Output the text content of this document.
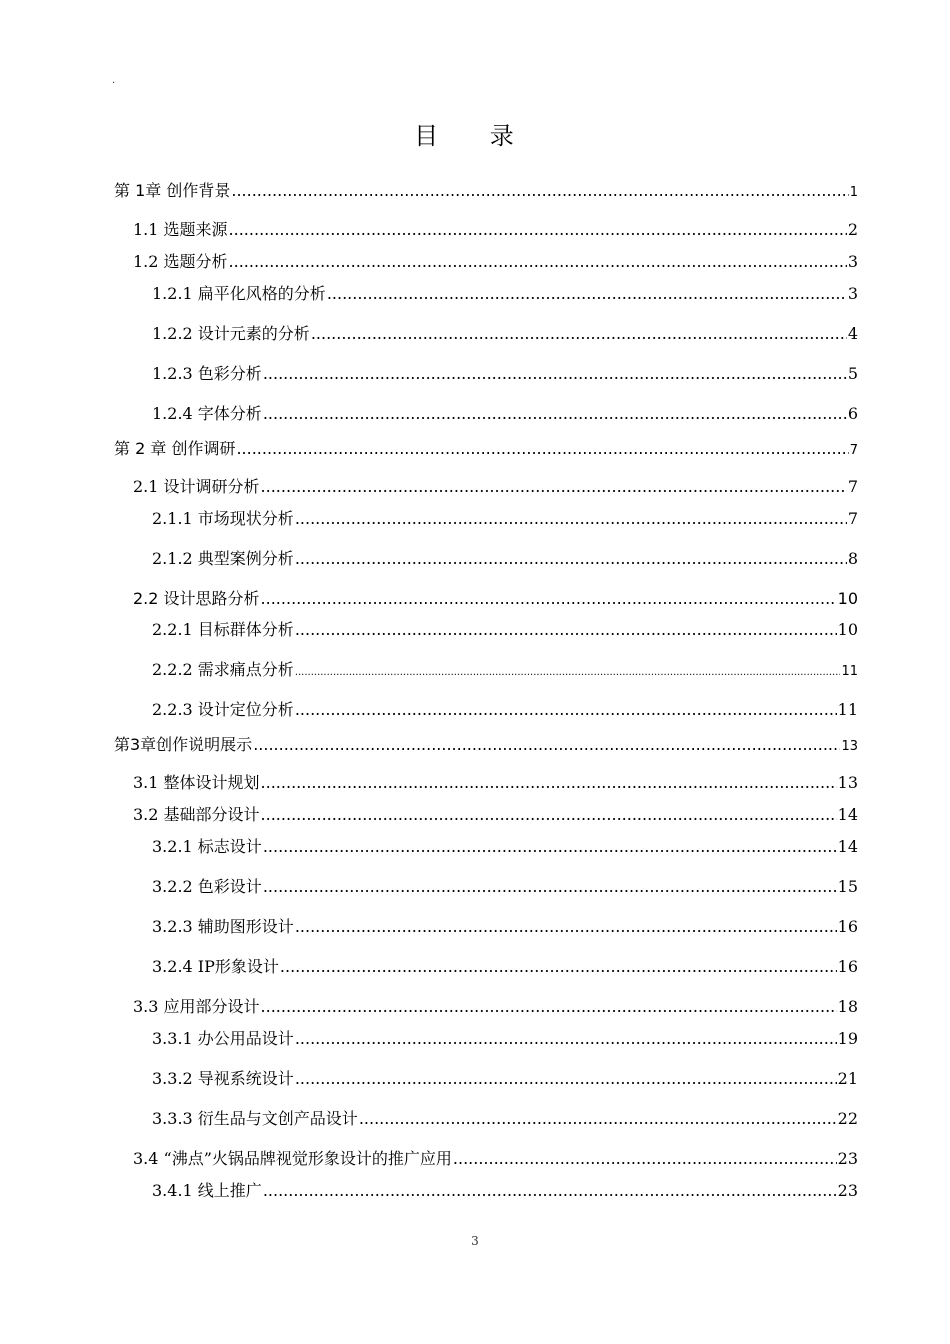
·
目 录
第 1章 创作背景 .....	1
1.1 选题来源 .....	2
1.2 选题分析 .....	3
1.2.1 扁平化风格的分析 .....	3
1.2.2 设计元素的分析 .....	4
1.2.3 色彩分析 .....	5
1.2.4 字体分析 .....	6
第 2 章 创作调研 .....	7
2.1 设计调研分析 .....	7
2.1.1 市场现状分析 .....	7
2.1.2 典型案例分析 .....	8
2.2 设计思路分析 .....	10
2.2.1 目标群体分析 .....	10
2.2.2 需求痛点分析 .....	11
2.2.3 设计定位分析 .....	11
第3章创作说明展示 .....	13
3.1 整体设计规划 .....	13
3.2 基础部分设计 .....	14
3.2.1 标志设计 .....	14
3.2.2 色彩设计 .....	15
3.2.3 辅助图形设计 .....	16
3.2.4 IP形象设计 .....	16
3.3 应用部分设计 .....	18
3.3.1 办公用品设计 .....	19
3.3.2 导视系统设计 .....	21
3.3.3 衍生品与文创产品设计 .....	22
3.4 “沸点”火锅品牌视觉形象设计的推广应用 .....	23
3.4.1 线上推广 .....	23
3
